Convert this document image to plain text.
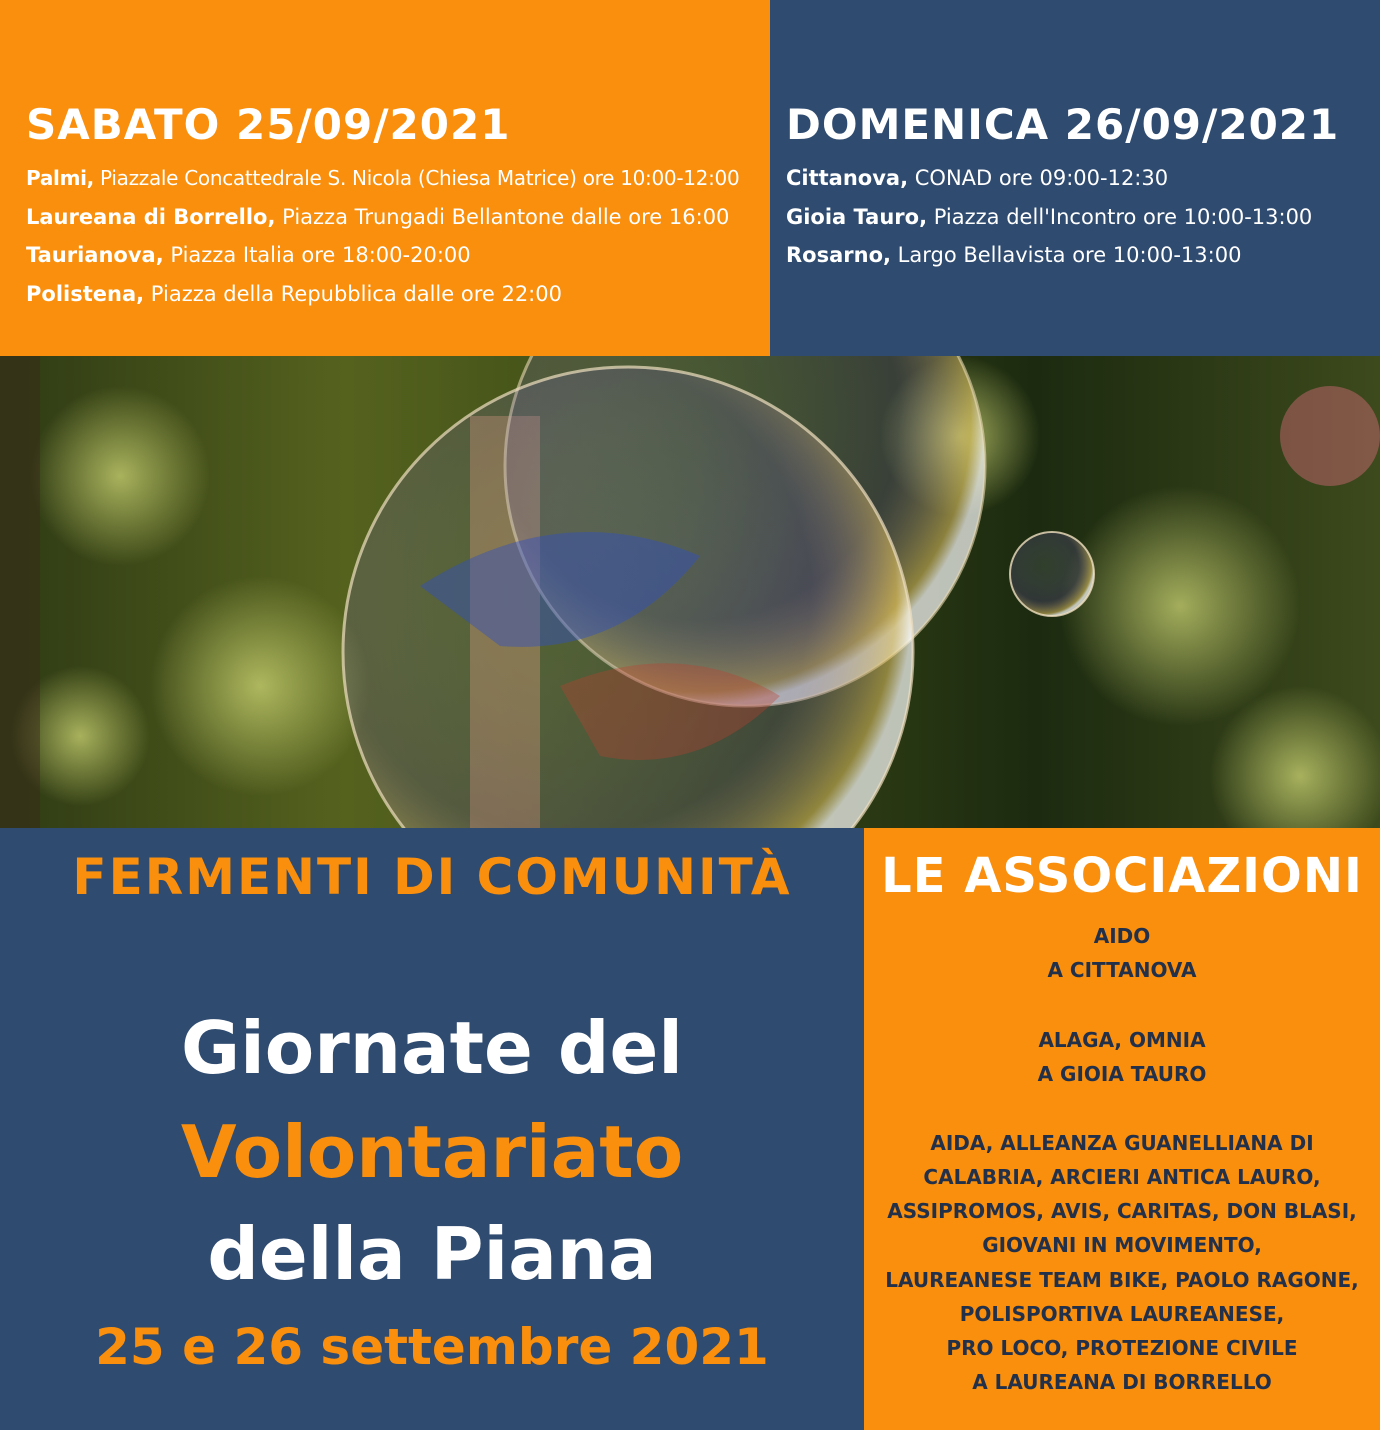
SABATO 25/09/2021
Palmi, Piazzale Concattedrale S. Nicola (Chiesa Matrice) ore 10:00-12:00
Laureana di Borrello, Piazza Trungadi Bellantone dalle ore 16:00
Taurianova, Piazza Italia ore 18:00-20:00
Polistena, Piazza della Repubblica dalle ore 22:00
DOMENICA 26/09/2021
Cittanova, CONAD ore 09:00-12:30
Gioia Tauro, Piazza dell'Incontro ore 10:00-13:00
Rosarno, Largo Bellavista ore 10:00-13:00
FERMENTI DI COMUNITÀ
Giornate del
Volontariato
della Piana
25 e 26 settembre 2021
LE ASSOCIAZIONI
AIDO
A CITTANOVA
ALAGA, OMNIA
A GIOIA TAURO
AIDA, ALLEANZA GUANELLIANA DI
CALABRIA, ARCIERI ANTICA LAURO,
ASSIPROMOS, AVIS, CARITAS, DON BLASI,
GIOVANI IN MOVIMENTO,
LAUREANESE TEAM BIKE, PAOLO RAGONE,
POLISPORTIVA LAUREANESE,
PRO LOCO, PROTEZIONE CIVILE
A LAUREANA DI BORRELLO
